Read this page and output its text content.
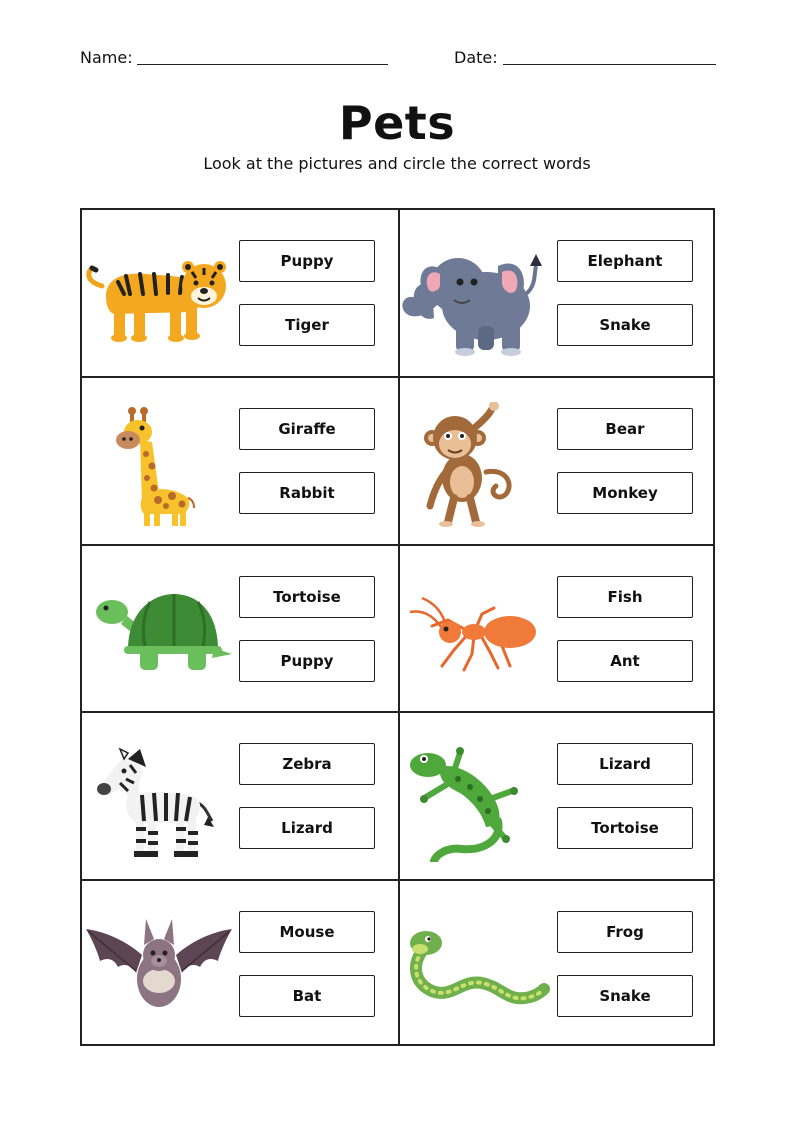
Name:	Date:
Pets
Look at the pictures and circle the correct words
Puppy
Tiger
Elephant
Snake
Giraffe
Rabbit
Bear
Monkey
Tortoise
Puppy
Fish
Ant
Zebra
Lizard
Lizard
Tortoise
Mouse
Bat
Frog
Snake
